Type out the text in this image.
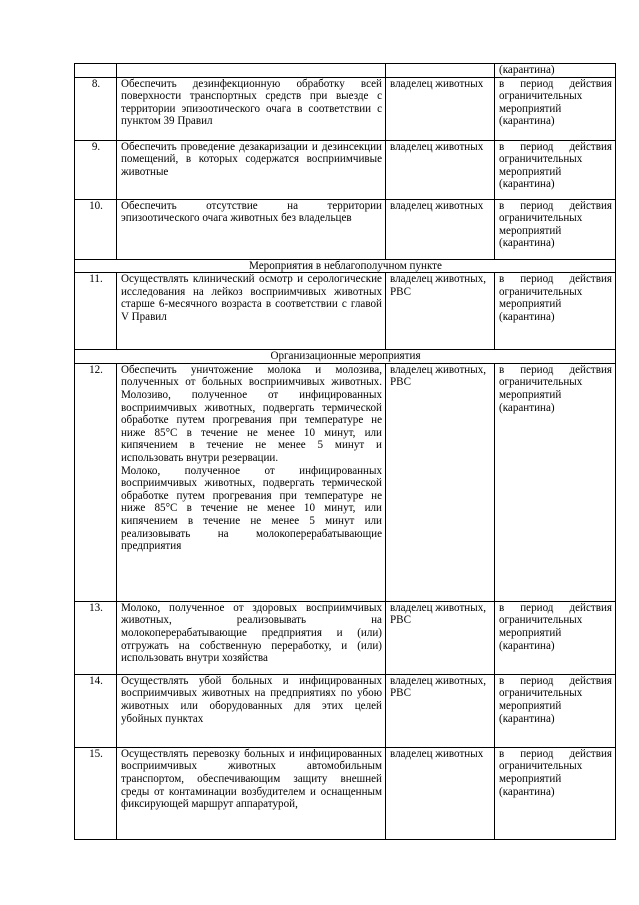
			(карантина)
8.	Обеспечить дезинфекционную обработку всей поверхности транспортных средств при выезде с территории эпизоотического очага в соответствии с пунктом 39 Правил	владелец животных	в период действия ограничительных мероприятий (карантина)
9.	Обеспечить проведение дезакаризации и дезинсекции помещений, в которых содержатся восприимчивые животные	владелец животных	в период действия ограничительных мероприятий (карантина)
10.	Обеспечить отсутствие на территории эпизоотического очага животных без владельцев	владелец животных	в период действия ограничительных мероприятий (карантина)
Мероприятия в неблагополучном пункте			
11.	Осуществлять клинический осмотр и серологические исследования на лейкоз восприимчивых животных старше 6-месячного возраста в соответствии с главой V Правил	владелец животных, РВС	в период действия ограничительных мероприятий (карантина)
Организационные мероприятия			
12.	Обеспечить уничтожение молока и молозива, полученных от больных восприимчивых животных. Молозиво, полученное от инфицированных восприимчивых животных, подвергать термической обработке путем прогревания при температуре не ниже 85°С в течение не менее 10 минут, или кипячением в течение не менее 5 минут и использовать внутри резервации.
Молоко, полученное от инфицированных восприимчивых животных, подвергать термической обработке путем прогревания при температуре не ниже 85°С в течение не менее 10 минут, или кипячением в течение не менее 5 минут или реализовывать на молокоперерабатывающие предприятия	владелец животных, РВС	в период действия ограничительных мероприятий (карантина)
13.	Молоко, полученное от здоровых восприимчивых животных, реализовывать на молокоперерабатывающие предприятия и (или) отгружать на собственную переработку, и (или) использовать внутри хозяйства	владелец животных, РВС	в период действия ограничительных мероприятий (карантина)
14.	Осуществлять убой больных и инфицированных восприимчивых животных на предприятиях по убою животных или оборудованных для этих целей убойных пунктах	владелец животных, РВС	в период действия ограничительных мероприятий (карантина)
15.	Осуществлять перевозку больных и инфицированных восприимчивых животных автомобильным транспортом, обеспечивающим защиту внешней среды от контаминации возбудителем и оснащенным фиксирующей маршрут аппаратурой,	владелец животных	в период действия ограничительных мероприятий (карантина)
